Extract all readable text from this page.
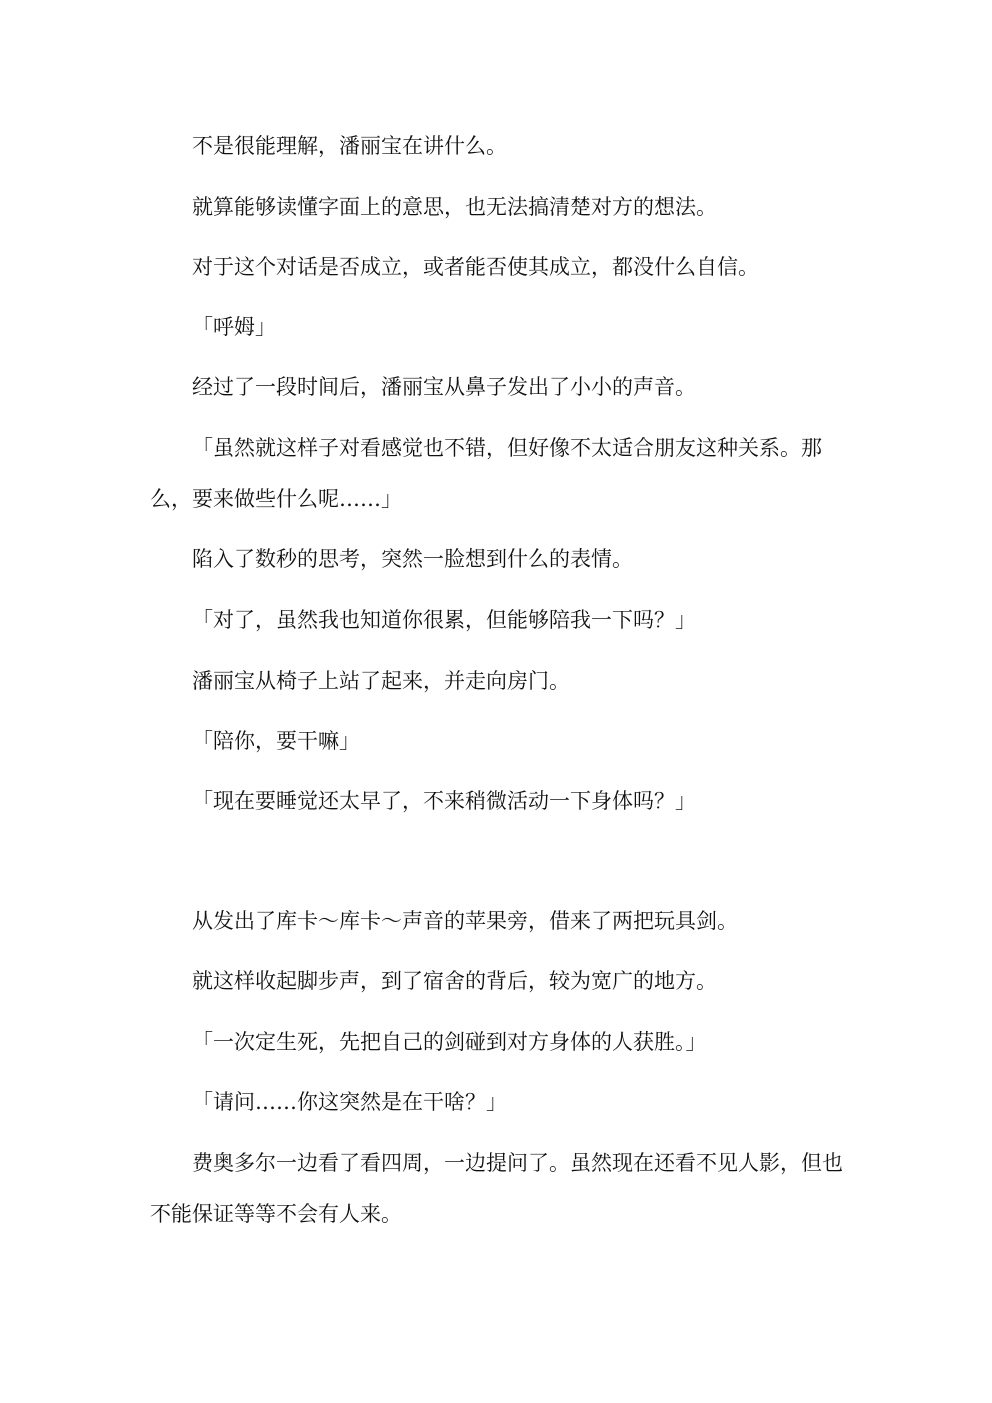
不是很能理解，潘丽宝在讲什么。

就算能够读懂字面上的意思，也无法搞清楚对方的想法。

对于这个对话是否成立，或者能否使其成立，都没什么自信。

「呼姆」

经过了一段时间后，潘丽宝从鼻子发出了小小的声音。

「虽然就这样子对看感觉也不错，但好像不太适合朋友这种关系。那么，要来做些什么呢……」

陷入了数秒的思考，突然一脸想到什么的表情。

「对了，虽然我也知道你很累，但能够陪我一下吗？」

潘丽宝从椅子上站了起来，并走向房门。

「陪你，要干嘛」

「现在要睡觉还太早了，不来稍微活动一下身体吗？」

从发出了库卡～库卡～声音的苹果旁，借来了两把玩具剑。

就这样收起脚步声，到了宿舍的背后，较为宽广的地方。

「一次定生死，先把自己的剑碰到对方身体的人获胜。」

「请问……你这突然是在干啥？」

费奥多尔一边看了看四周，一边提问了。虽然现在还看不见人影，但也不能保证等等不会有人来。
